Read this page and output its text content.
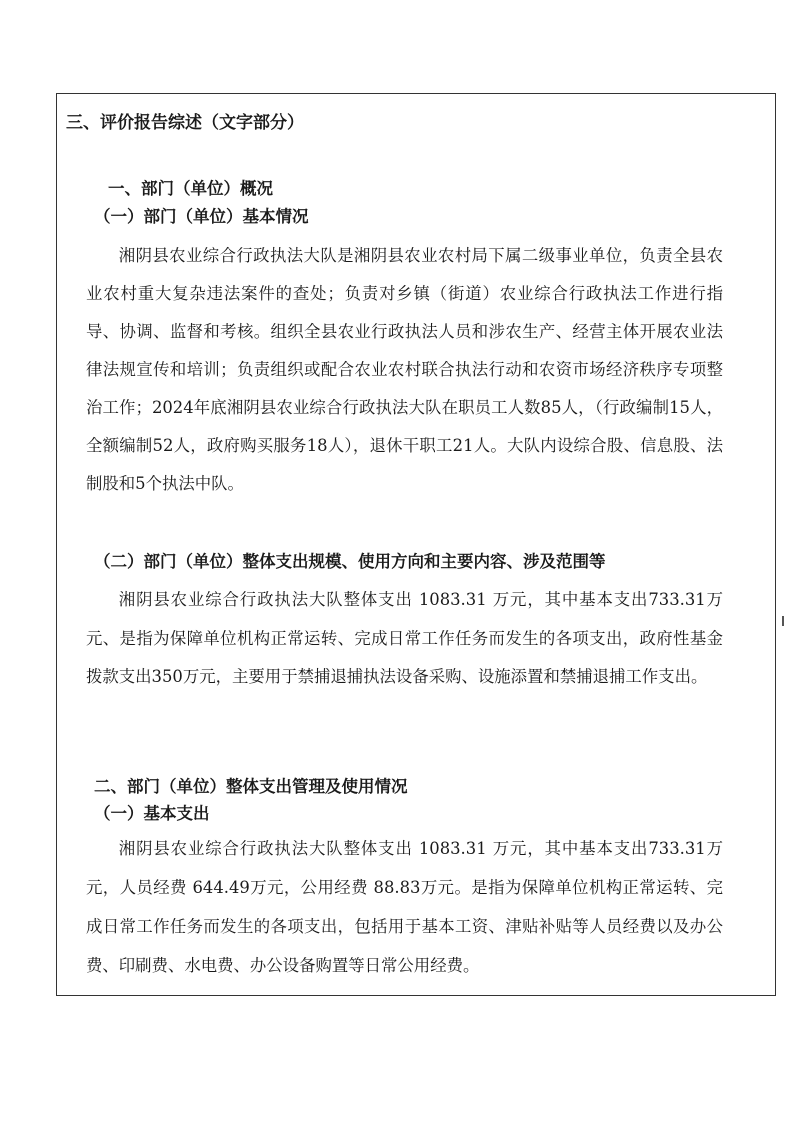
三、评价报告综述（文字部分）
一、部门（单位）概况
（一）部门（单位）基本情况

湘阴县农业综合行政执法大队是湘阴县农业农村局下属二级事业单位，负责全县农业农村重大复杂违法案件的查处；负责对乡镇（街道）农业综合行政执法工作进行指导、协调、监督和考核。组织全县农业行政执法人员和涉农生产、经营主体开展农业法律法规宣传和培训；负责组织或配合农业农村联合执法行动和农资市场经济秩序专项整治工作；2024年底湘阴县农业综合行政执法大队在职员工人数85人，（行政编制15人，全额编制52人，政府购买服务18人），退休干职工21人。大队内设综合股、信息股、法制股和5个执法中队。

（二）部门（单位）整体支出规模、使用方向和主要内容、涉及范围等

湘阴县农业综合行政执法大队整体支出 1083.31 万元，其中基本支出733.31万元、是指为保障单位机构正常运转、完成日常工作任务而发生的各项支出，政府性基金拨款支出350万元，主要用于禁捕退捕执法设备采购、设施添置和禁捕退捕工作支出。

二、部门（单位）整体支出管理及使用情况
（一）基本支出

湘阴县农业综合行政执法大队整体支出 1083.31 万元，其中基本支出733.31万元，人员经费 644.49万元，公用经费 88.83万元。是指为保障单位机构正常运转、完成日常工作任务而发生的各项支出，包括用于基本工资、津贴补贴等人员经费以及办公费、印刷费、水电费、办公设备购置等日常公用经费。
